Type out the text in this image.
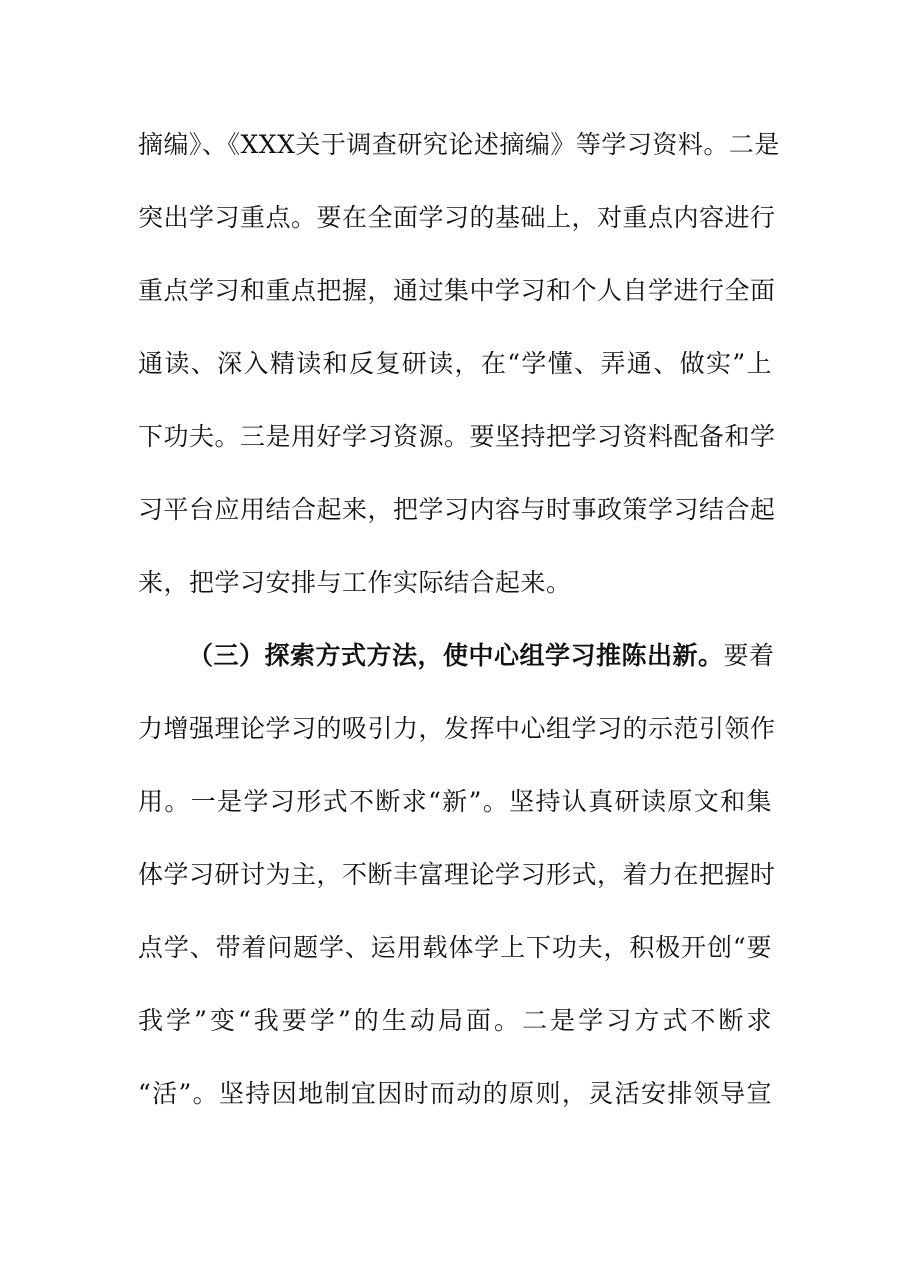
摘编》、《XXX关于调查研究论述摘编》等学习资料。二是
突出学习重点。要在全面学习的基础上，对重点内容进行
重点学习和重点把握，通过集中学习和个人自学进行全面
通读、深入精读和反复研读，在“学懂、弄通、做实”上
下功夫。三是用好学习资源。要坚持把学习资料配备和学
习平台应用结合起来，把学习内容与时事政策学习结合起
来，把学习安排与工作实际结合起来。
（三）探索方式方法，使中心组学习推陈出新。要着
力增强理论学习的吸引力，发挥中心组学习的示范引领作
用。一是学习形式不断求“新”。坚持认真研读原文和集
体学习研讨为主，不断丰富理论学习形式，着力在把握时
点学、带着问题学、运用载体学上下功夫，积极开创“要
我学”变“我要学”的生动局面。二是学习方式不断求
“活”。坚持因地制宜因时而动的原则，灵活安排领导宣
